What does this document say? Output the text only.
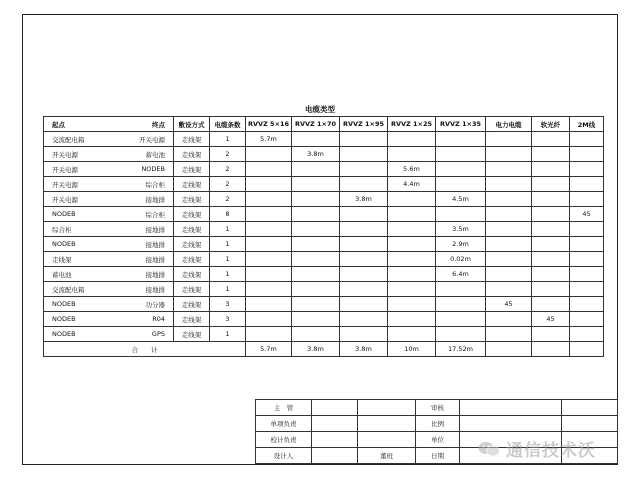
电缆类型
起点 终点	敷设方式	电缆条数	RVVZ 5×16	RVVZ 1×70	RVVZ 1×95	RVVZ 1×25	RVVZ 1×35	电力电缆	软光纤	2M线

交流配电箱 开关电源	走线架	1	5.7m							

开关电源 蓄电池	走线架	2		3.8m						

开关电源 NODEB	走线架	2				5.6m				

开关电源 综合柜	走线架	2				4.4m				

开关电源 接地排	走线架	2			3.8m		4.5m			

NODEB 综合柜	走线架	8								45

综合柜 接地排	走线架	1					3.5m			

NODEB 接地排	走线架	1					2.9m			

走线架 接地排	走线架	1					0.02m			

蓄电池 接地排	走线架	1					6.4m			

交流配电箱 接地排	走线架	1								

NODEB 功分器	走线架	3						45		

NODEB R04	走线架	3							45	

NODEB GPS	走线架	1								
合　　计			5.7m	3.8m	3.8m	10m	17.52m			
主　管			审核		
单项负责			比例		
校计负责			单位		
设计人		董班	日期			通信技术沃
